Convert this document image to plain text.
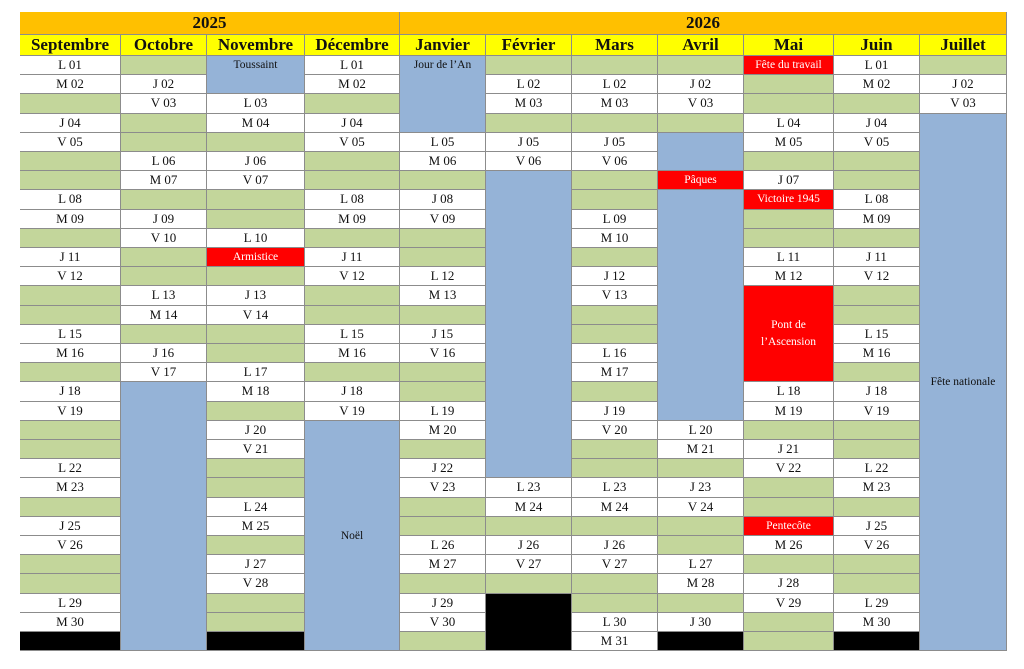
2025	2026
Septembre
L 01
M 02
J 04
V 05
L 08
M 09
J 11
V 12
L 15
M 16
J 18
V 19
L 22
M 23
J 25
V 26
L 29
M 30
Octobre
J 02
V 03
L 06
M 07
J 09
V 10
L 13
M 14
J 16
V 17
Novembre
Toussaint
L 03
M 04
J 06
V 07
L 10
Armistice
J 13
V 14
L 17
M 18
J 20
V 21
L 24
M 25
J 27
V 28
Décembre
L 01
M 02
J 04
V 05
L 08
M 09
J 11
V 12
L 15
M 16
J 18
V 19
Noël
Janvier
Jour de l’An
L 05
M 06
J 08
V 09
L 12
M 13
J 15
V 16
L 19
M 20
J 22
V 23
L 26
M 27
J 29
V 30
Février
L 02
M 03
J 05
V 06
L 23
M 24
J 26
V 27
Mars
L 02
M 03
J 05
V 06
L 09
M 10
J 12
V 13
L 16
M 17
J 19
V 20
L 23
M 24
J 26
V 27
L 30
M 31
Avril
J 02
V 03
Pâques
L 20
M 21
J 23
V 24
L 27
M 28
J 30
Mai
Fête du travail
L 04
M 05
J 07
Victoire 1945
L 11
M 12
Pont de l’Ascension
L 18
M 19
J 21
V 22
Pentecôte
M 26
J 28
V 29
Juin
L 01
M 02
J 04
V 05
L 08
M 09
J 11
V 12
L 15
M 16
J 18
V 19
L 22
M 23
J 25
V 26
L 29
M 30
Juillet
J 02
V 03
Fête nationale
